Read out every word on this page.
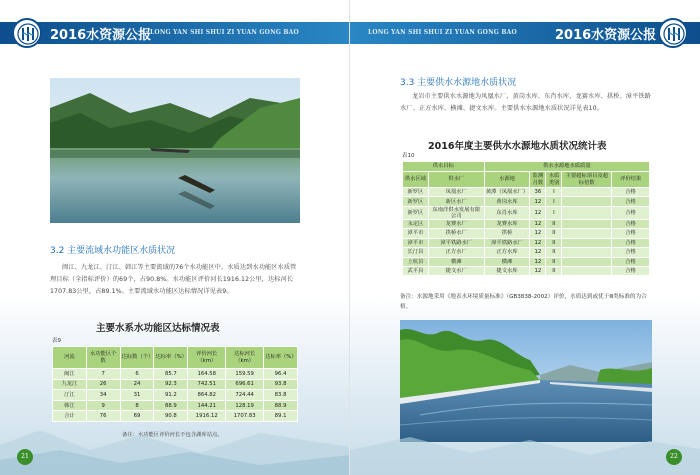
2016水资源公报
LONG YAN SHI SHUI ZI YUAN GONG BAO
3.2 主要流域水功能区水质状况

闽江、九龙江、汀江、韩江等主要流域的76个水功能区中，水质达到水功能区水质管理目标（全指标评价）的69个，占90.8%。水功能区评价河长1916.12公里，达标河长1707.83公里，占89.1%。主要流域水功能区达标情况详见表9。

主要水系水功能区达标情况表
表9
河流	水功能区个数	达标数（个）	达标率（%）	评价河长（km）	达标河长（km）	达标率（%）
闽江	7	6	85.7	164.58	159.59	96.4
九龙江	26	24	92.3	742.51	696.61	93.8
汀江	34	31	91.2	864.82	724.44	83.8
韩江	9	8	88.9	144.21	128.19	88.9
合计	76	69	90.8	1916.12	1707.83	89.1
备注：水功能区评价河长不包含湖库站点。
21
LONG YAN SHI SHUI ZI YUAN GONG BAO	2016水资源公报
3.3 主要供水水源地水质状况

龙岩市主要供水水源地为凤凰水厂、黄岗水库、东肖水库、龙赛水库、拱桥、漳平铁路水厂、正方水库、横滩、捷文水库。主要供水水源地水质状况详见表10。

2016年度主要供水水源地水质状况统计表
表10
供水目标		供水水源地水质质量				
供水区域	供水厂	水源地	监测月数	水质类别	主要超标项目及超标倍数	评价结果
新罗区	凤凰水厂	黄潭（凤凰水厂）	36	I		合格
新罗区	新区水厂	黄岗水库	12	I		合格
新罗区	东南洋供水发展有限公司	东肖水库	12	I		合格
永定区	龙赛水厂	龙赛水库	12	II		合格
漳平市	拱桥水厂	拱桥	12	II		合格
漳平市	漳平铁路水厂	漳平铁路水厂	12	II		合格
长汀县	正方水厂	正方水库	12	II		合格
上杭县	横滩	横滩	12	II		合格
武平县	捷文水厂	捷文水库	12	II		合格

备注：水源地采用《地表水环境质量标准》（GB3838-2002）评价，水质达到或优于Ⅲ类标准的为合格。

22
